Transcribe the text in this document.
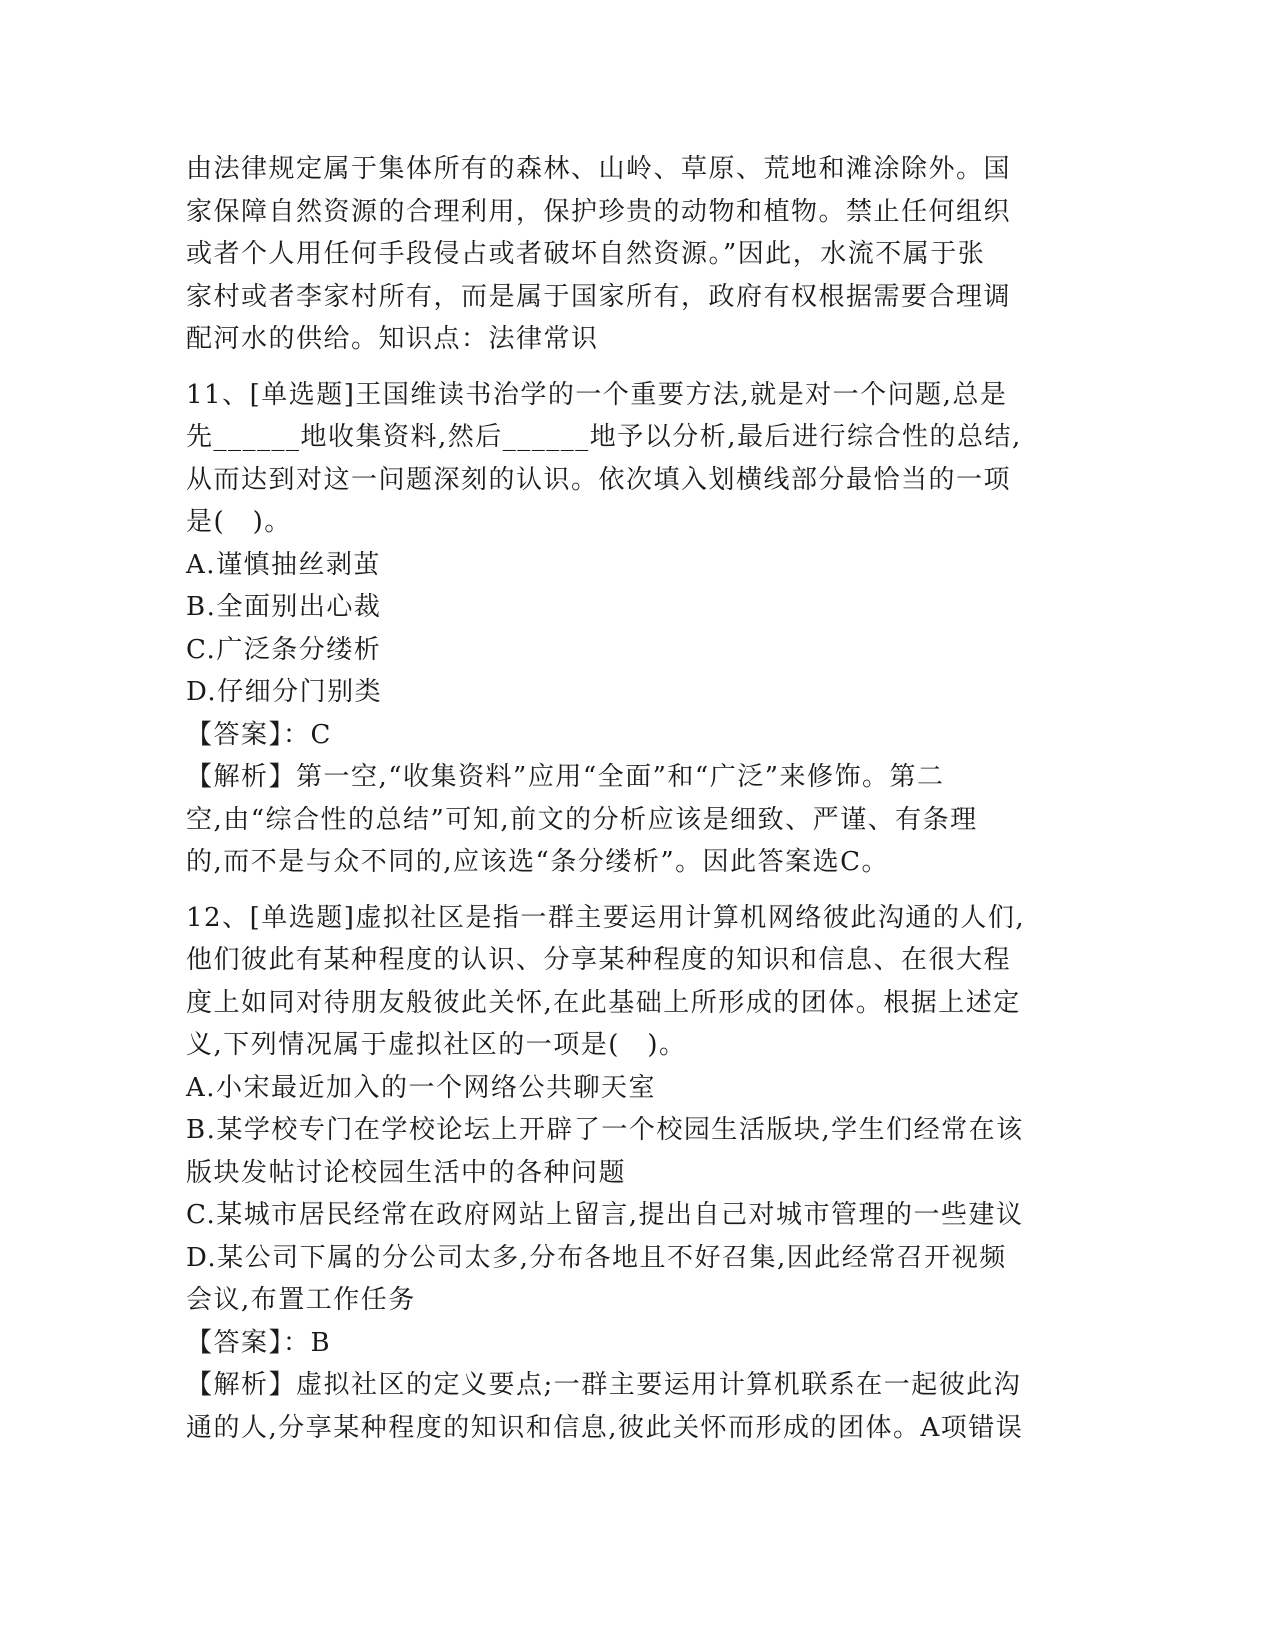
由法律规定属于集体所有的森林、山岭、草原、荒地和滩涂除外。国
家保障自然资源的合理利用，保护珍贵的动物和植物。禁止任何组织
或者个人用任何手段侵占或者破坏自然资源。”因此，水流不属于张
家村或者李家村所有，而是属于国家所有，政府有权根据需要合理调
配河水的供给。知识点：法律常识
11、[单选题]王国维读书治学的一个重要方法,就是对一个问题,总是
先______地收集资料,然后______地予以分析,最后进行综合性的总结,
从而达到对这一问题深刻的认识。依次填入划横线部分最恰当的一项
是(　)。
A.谨慎抽丝剥茧
B.全面别出心裁
C.广泛条分缕析
D.仔细分门别类
【答案】：C
【解析】第一空,“收集资料”应用“全面”和“广泛”来修饰。第二
空,由“综合性的总结”可知,前文的分析应该是细致、严谨、有条理
的,而不是与众不同的,应该选“条分缕析”。因此答案选C。
12、[单选题]虚拟社区是指一群主要运用计算机网络彼此沟通的人们,
他们彼此有某种程度的认识、分享某种程度的知识和信息、在很大程
度上如同对待朋友般彼此关怀,在此基础上所形成的团体。根据上述定
义,下列情况属于虚拟社区的一项是(　)。
A.小宋最近加入的一个网络公共聊天室
B.某学校专门在学校论坛上开辟了一个校园生活版块,学生们经常在该
版块发帖讨论校园生活中的各种问题
C.某城市居民经常在政府网站上留言,提出自己对城市管理的一些建议
D.某公司下属的分公司太多,分布各地且不好召集,因此经常召开视频
会议,布置工作任务
【答案】：B
【解析】虚拟社区的定义要点;一群主要运用计算机联系在一起彼此沟
通的人,分享某种程度的知识和信息,彼此关怀而形成的团体。A项错误
